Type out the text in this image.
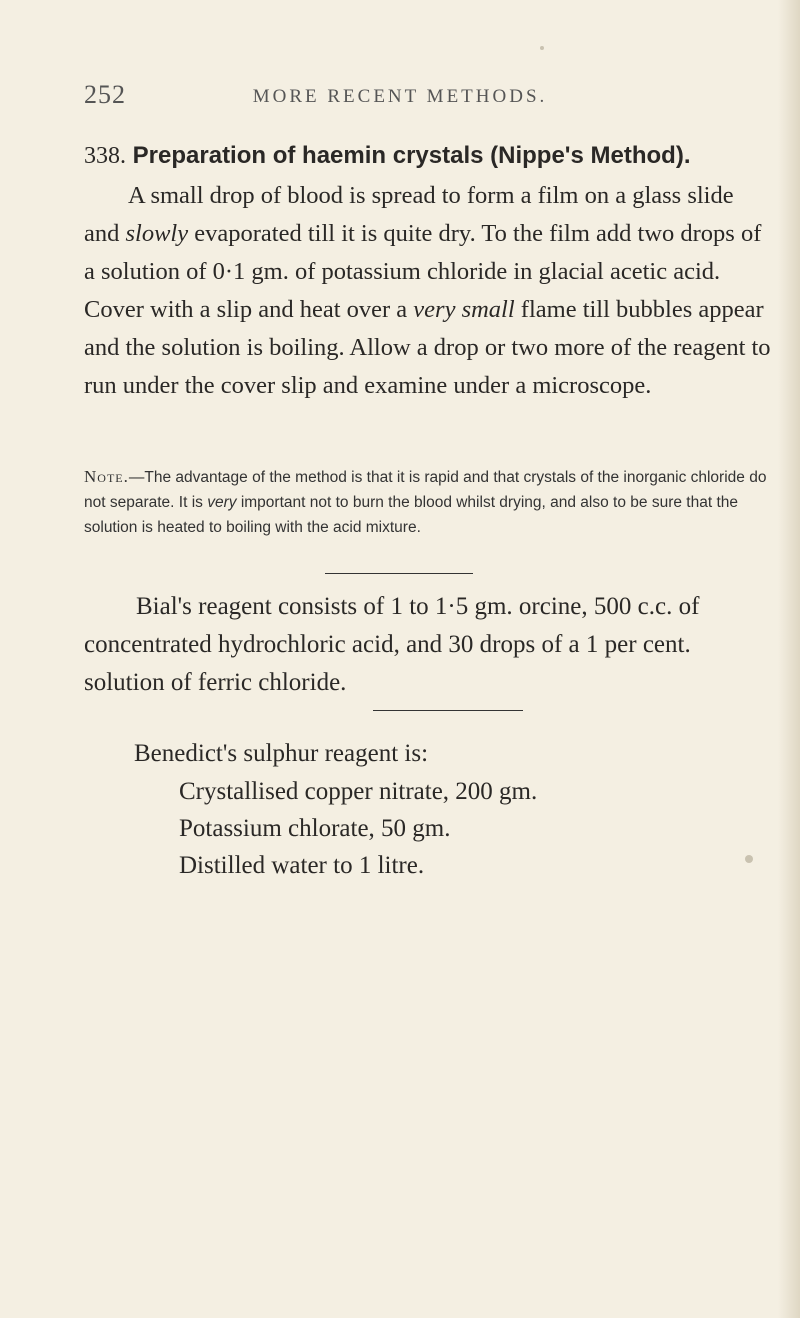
252	MORE RECENT METHODS.
338. Preparation of haemin crystals (Nippe's Method).

A small drop of blood is spread to form a film on a glass slide and slowly evaporated till it is quite dry. To the film add two drops of a solution of 0·1 gm. of potassium chloride in glacial acetic acid. Cover with a slip and heat over a very small flame till bubbles appear and the solution is boiling. Allow a drop or two more of the reagent to run under the cover slip and examine under a microscope.

Note.—The advantage of the method is that it is rapid and that crystals of the inorganic chloride do not separate. It is very important not to burn the blood whilst drying, and also to be sure that the solution is heated to boiling with the acid mixture.

Bial's reagent consists of 1 to 1·5 gm. orcine, 500 c.c. of concentrated hydrochloric acid, and 30 drops of a 1 per cent. solution of ferric chloride.

Benedict's sulphur reagent is:

Crystallised copper nitrate, 200 gm.
Potassium chlorate, 50 gm.
Distilled water to 1 litre.
